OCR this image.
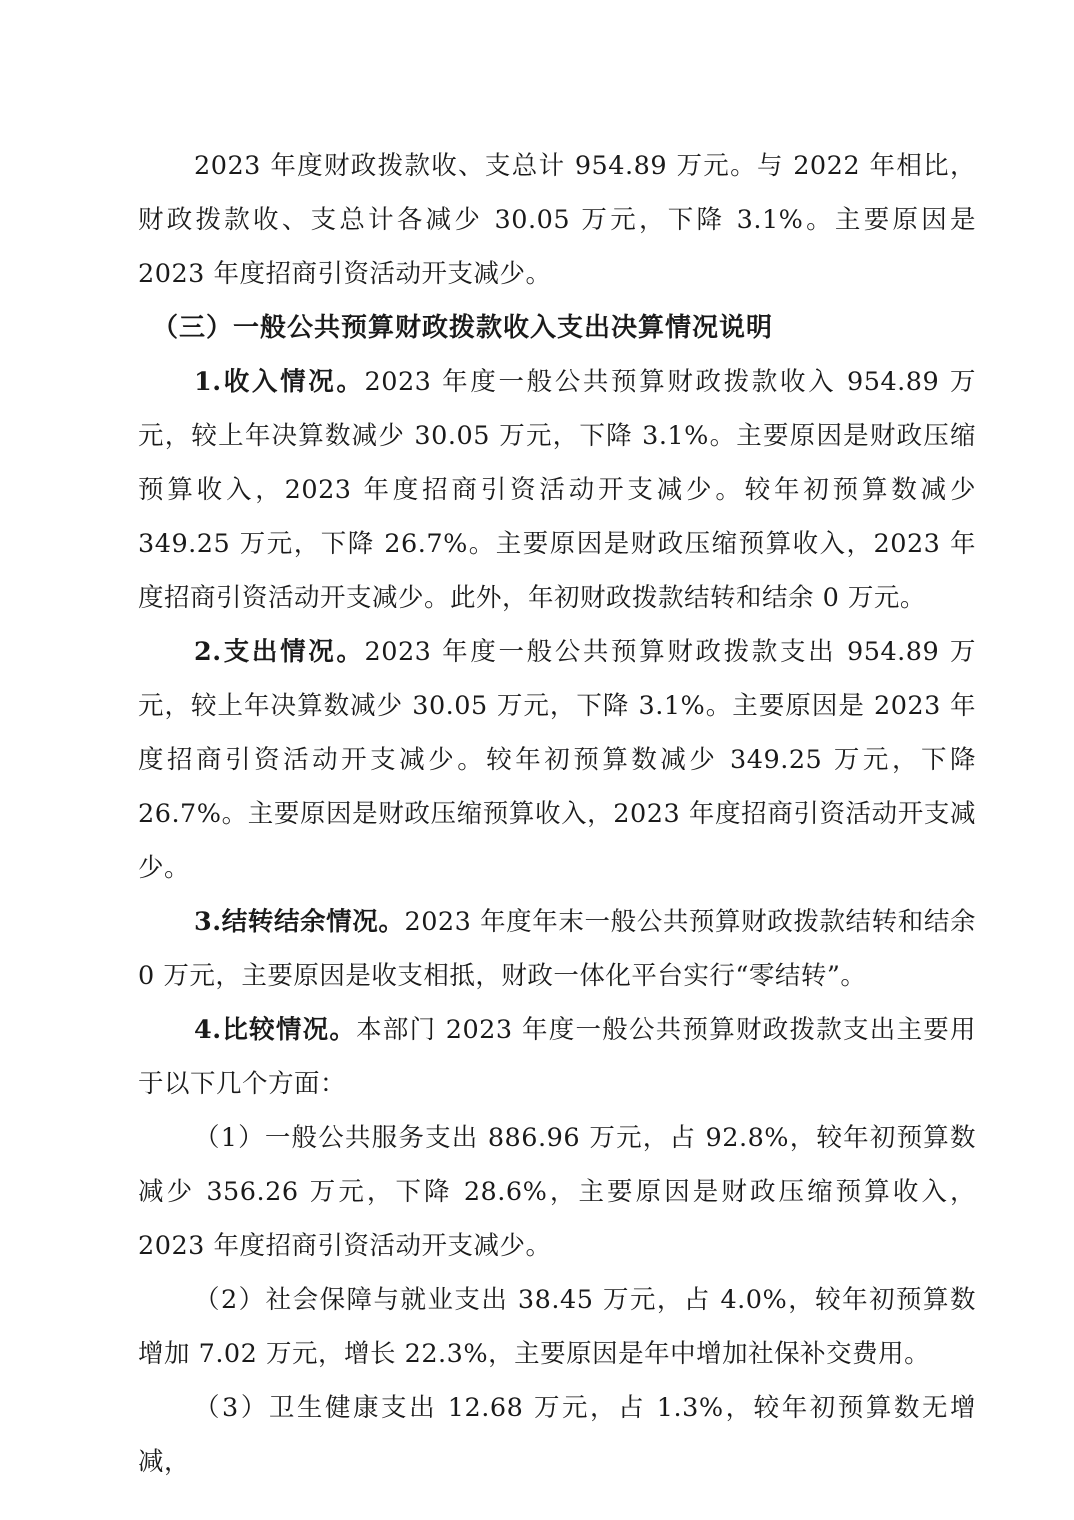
2023 年度财政拨款收、支总计 954.89 万元。与 2022 年相比，财政拨款收、支总计各减少 30.05 万元，下降 3.1%。主要原因是 2023 年度招商引资活动开支减少。

（三）一般公共预算财政拨款收入支出决算情况说明

1.收入情况。2023 年度一般公共预算财政拨款收入 954.89 万元，较上年决算数减少 30.05 万元，下降 3.1%。主要原因是财政压缩预算收入，2023 年度招商引资活动开支减少。较年初预算数减少 349.25 万元，下降 26.7%。主要原因是财政压缩预算收入，2023 年度招商引资活动开支减少。此外，年初财政拨款结转和结余 0 万元。

2.支出情况。2023 年度一般公共预算财政拨款支出 954.89 万元，较上年决算数减少 30.05 万元，下降 3.1%。主要原因是 2023 年度招商引资活动开支减少。较年初预算数减少 349.25 万元，下降 26.7%。主要原因是财政压缩预算收入，2023 年度招商引资活动开支减少。

3.结转结余情况。2023 年度年末一般公共预算财政拨款结转和结余 0 万元，主要原因是收支相抵，财政一体化平台实行“零结转”。

4.比较情况。本部门 2023 年度一般公共预算财政拨款支出主要用于以下几个方面：

（1）一般公共服务支出 886.96 万元，占 92.8%，较年初预算数减少 356.26 万元，下降 28.6%，主要原因是财政压缩预算收入，2023 年度招商引资活动开支减少。

（2）社会保障与就业支出 38.45 万元，占 4.0%，较年初预算数增加 7.02 万元，增长 22.3%，主要原因是年中增加社保补交费用。

（3）卫生健康支出 12.68 万元，占 1.3%，较年初预算数无增减，
